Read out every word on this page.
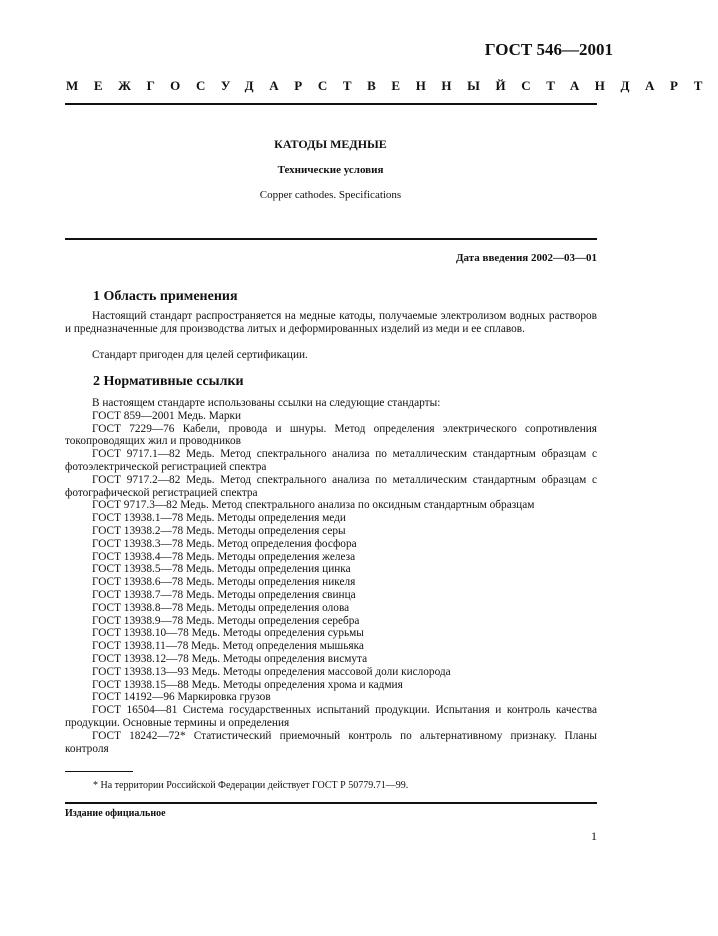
ГОСТ 546—2001
МЕЖГОСУДАРСТВЕННЫЙ СТАНДАРТ
КАТОДЫ МЕДНЫЕ
Технические условия
Copper cathodes. Specifications
Дата введения 2002—03—01
1 Область применения
Настоящий стандарт распространяется на медные катоды, получаемые электролизом водных растворов и предназначенные для производства литых и деформированных изделий из меди и ее сплавов.
Стандарт пригоден для целей сертификации.
2 Нормативные ссылки
В настоящем стандарте использованы ссылки на следующие стандарты:
ГОСТ 859—2001 Медь. Марки
ГОСТ 7229—76 Кабели, провода и шнуры. Метод определения электрического сопротивления токопроводящих жил и проводников
ГОСТ 9717.1—82 Медь. Метод спектрального анализа по металлическим стандартным образцам с фотоэлектрической регистрацией спектра
ГОСТ 9717.2—82 Медь. Метод спектрального анализа по металлическим стандартным образцам с фотографической регистрацией спектра
ГОСТ 9717.3—82 Медь. Метод спектрального анализа по оксидным стандартным образцам
ГОСТ 13938.1—78 Медь. Методы определения меди
ГОСТ 13938.2—78 Медь. Методы определения серы
ГОСТ 13938.3—78 Медь. Метод определения фосфора
ГОСТ 13938.4—78 Медь. Методы определения железа
ГОСТ 13938.5—78 Медь. Методы определения цинка
ГОСТ 13938.6—78 Медь. Методы определения никеля
ГОСТ 13938.7—78 Медь. Методы определения свинца
ГОСТ 13938.8—78 Медь. Методы определения олова
ГОСТ 13938.9—78 Медь. Методы определения серебра
ГОСТ 13938.10—78 Медь. Методы определения сурьмы
ГОСТ 13938.11—78 Медь. Метод определения мышьяка
ГОСТ 13938.12—78 Медь. Методы определения висмута
ГОСТ 13938.13—93 Медь. Методы определения массовой доли кислорода
ГОСТ 13938.15—88 Медь. Методы определения хрома и кадмия
ГОСТ 14192—96 Маркировка грузов
ГОСТ 16504—81 Система государственных испытаний продукции. Испытания и контроль качества продукции. Основные термины и определения
ГОСТ 18242—72* Статистический приемочный контроль по альтернативному признаку. Планы контроля
* На территории Российской Федерации действует ГОСТ Р 50779.71—99.
Издание официальное
1
